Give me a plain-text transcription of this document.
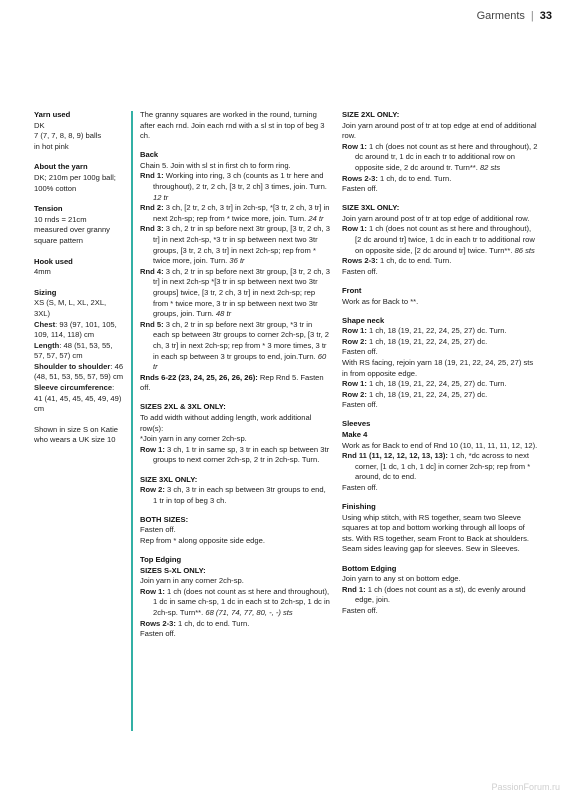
Garments | 33

Yarn used

DK

7 (7, 7, 8, 8, 9) balls

in hot pink

About the yarn

DK; 210m per 100g ball;

100% cotton

Tension

10 rnds = 21cm

measured over granny

square pattern

Hook used

4mm

Sizing

XS (S, M, L, XL, 2XL, 3XL)

Chest: 93 (97, 101, 105, 109, 114, 118) cm

Length: 48 (51, 53, 55, 57, 57, 57) cm

Shoulder to shoulder: 46 (48, 51, 53, 55, 57, 59) cm

Sleeve circumference: 41 (41, 45, 45, 45, 49, 49) cm

Shown in size S on Katie who wears a UK size 10

The granny squares are worked in the round, turning after each rnd. Join each rnd with a sl st in top of beg 3 ch.

Back

Chain 5. Join with sl st in first ch to form ring.

Rnd 1: Working into ring, 3 ch (counts as 1 tr here and throughout), 2 tr, 2 ch, [3 tr, 2 ch] 3 times, join. Turn. 12 tr

Rnd 2: 3 ch, [2 tr, 2 ch, 3 tr] in 2ch-sp, *[3 tr, 2 ch, 3 tr] in next 2ch-sp; rep from * twice more, join. Turn. 24 tr

Rnd 3: 3 ch, 2 tr in sp before next 3tr group, [3 tr, 2 ch, 3 tr] in next 2ch-sp, *3 tr in sp between next two 3tr groups, [3 tr, 2 ch, 3 tr] in next 2ch-sp; rep from * twice more, join. Turn. 36 tr

Rnd 4: 3 ch, 2 tr in sp before next 3tr group, [3 tr, 2 ch, 3 tr] in next 2ch-sp *[3 tr in sp between next two 3tr groups] twice, [3 tr, 2 ch, 3 tr] in next 2ch-sp; rep from * twice more, 3 tr in sp between next two 3tr groups, join. Turn. 48 tr

Rnd 5: 3 ch, 2 tr in sp before next 3tr group, *3 tr in each sp between 3tr groups to corner 2ch-sp, [3 tr, 2 ch, 3 tr] in next 2ch-sp; rep from * 3 more times, 3 tr in each sp between 3 tr groups to end, join.Turn. 60 tr

Rnds 6-22 (23, 24, 25, 26, 26, 26): Rep Rnd 5. Fasten off.

SIZES 2XL & 3XL ONLY:

To add width without adding length, work additional row(s):

*Join yarn in any corner 2ch-sp.

Row 1: 3 ch, 1 tr in same sp, 3 tr in each sp between 3tr groups to next corner 2ch-sp, 2 tr in 2ch-sp. Turn.

SIZE 3XL ONLY:

Row 2: 3 ch, 3 tr in each sp between 3tr groups to end, 1 tr in top of beg 3 ch.

BOTH SIZES:

Fasten off.

Rep from * along opposite side edge.

Top Edging

SIZES S-XL ONLY:

Join yarn in any corner 2ch-sp.

Row 1: 1 ch (does not count as st here and throughout), 1 dc in same ch-sp, 1 dc in each st to 2ch-sp, 1 dc in 2ch-sp. Turn**. 68 (71, 74, 77, 80, -, -) sts

Rows 2-3: 1 ch, dc to end. Turn.

Fasten off.

SIZE 2XL ONLY:

Join yarn around post of tr at top edge at end of additional row.

Row 1: 1 ch (does not count as st here and throughout), 2 dc around tr, 1 dc in each tr to additional row on opposite side, 2 dc around tr. Turn**. 82 sts

Rows 2-3: 1 ch, dc to end. Turn.

Fasten off.

SIZE 3XL ONLY:

Join yarn around post of tr at top edge of additional row.

Row 1: 1 ch (does not count as st here and throughout), [2 dc around tr] twice, 1 dc in each tr to additional row on opposite side, [2 dc around tr] twice. Turn**. 86 sts

Rows 2-3: 1 ch, dc to end. Turn.

Fasten off.

Front

Work as for Back to **.

Shape neck

Row 1: 1 ch, 18 (19, 21, 22, 24, 25, 27) dc. Turn.

Row 2: 1 ch, 18 (19, 21, 22, 24, 25, 27) dc.

Fasten off.

With RS facing, rejoin yarn 18 (19, 21, 22, 24, 25, 27) sts in from opposite edge.

Row 1: 1 ch, 18 (19, 21, 22, 24, 25, 27) dc. Turn.

Row 2: 1 ch, 18 (19, 21, 22, 24, 25, 27) dc.

Fasten off.

Sleeves

Make 4

Work as for Back to end of Rnd 10 (10, 11, 11, 11, 12, 12).

Rnd 11 (11, 12, 12, 12, 13, 13): 1 ch, *dc across to next corner, [1 dc, 1 ch, 1 dc] in corner 2ch-sp; rep from * around, dc to end.

Fasten off.

Finishing

Using whip stitch, with RS together, seam two Sleeve squares at top and bottom working through all loops of sts. With RS together, seam Front to Back at shoulders. Seam sides leaving gap for sleeves. Sew in Sleeves.

Bottom Edging

Join yarn to any st on bottom edge.

Rnd 1: 1 ch (does not count as a st), dc evenly around edge, join.

Fasten off.

PassionForum.ru
